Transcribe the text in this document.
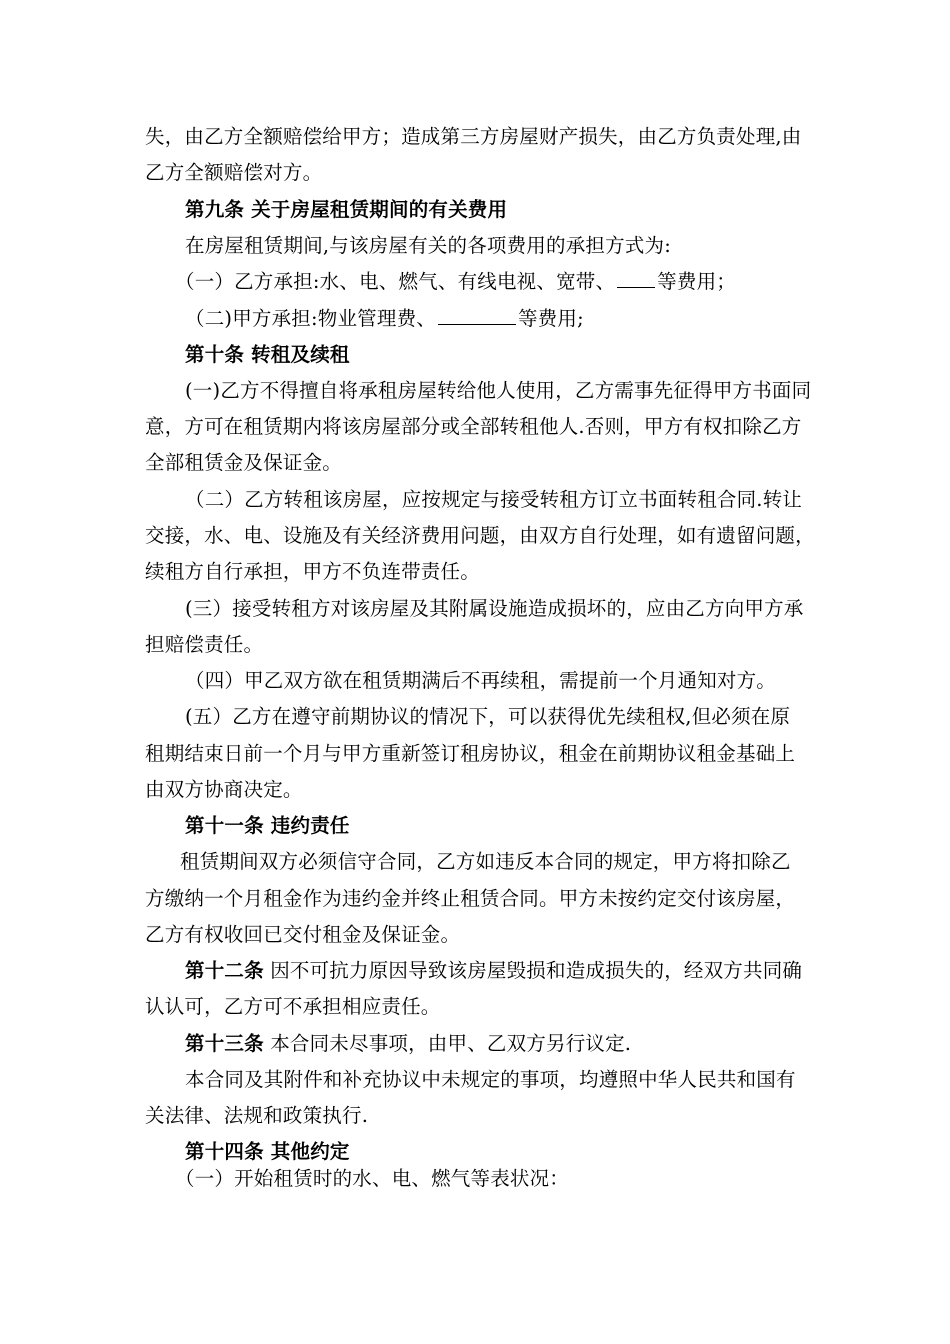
失，由乙方全额赔偿给甲方；造成第三方房屋财产损失，由乙方负责处理,由
乙方全额赔偿对方。
第九条 关于房屋租赁期间的有关费用
在房屋租赁期间,与该房屋有关的各项费用的承担方式为:
（一）乙方承担:水、电、燃气、有线电视、宽带、 等费用；
（二)甲方承担:物业管理费、	等费用;
第十条 转租及续租
(一)乙方不得擅自将承租房屋转给他人使用，乙方需事先征得甲方书面同
意，方可在租赁期内将该房屋部分或全部转租他人.否则，甲方有权扣除乙方
全部租赁金及保证金。
（二）乙方转租该房屋，应按规定与接受转租方订立书面转租合同.转让
交接，水、电、设施及有关经济费用问题，由双方自行处理，如有遗留问题，
续租方自行承担，甲方不负连带责任。
(三）接受转租方对该房屋及其附属设施造成损坏的，应由乙方向甲方承
担赔偿责任。
（四）甲乙双方欲在租赁期满后不再续租，需提前一个月通知对方。
(五）乙方在遵守前期协议的情况下，可以获得优先续租权,但必须在原
租期结束日前一个月与甲方重新签订租房协议，租金在前期协议租金基础上
由双方协商决定。
第十一条 违约责任
租赁期间双方必须信守合同，乙方如违反本合同的规定，甲方将扣除乙
方缴纳一个月租金作为违约金并终止租赁合同。甲方未按约定交付该房屋，
乙方有权收回已交付租金及保证金。
第十二条 因不可抗力原因导致该房屋毁损和造成损失的，经双方共同确
认认可，乙方可不承担相应责任。
第十三条 本合同未尽事项，由甲、乙双方另行议定.
本合同及其附件和补充协议中未规定的事项，均遵照中华人民共和国有
关法律、法规和政策执行.
第十四条 其他约定
（一）开始租赁时的水、电、燃气等表状况：
